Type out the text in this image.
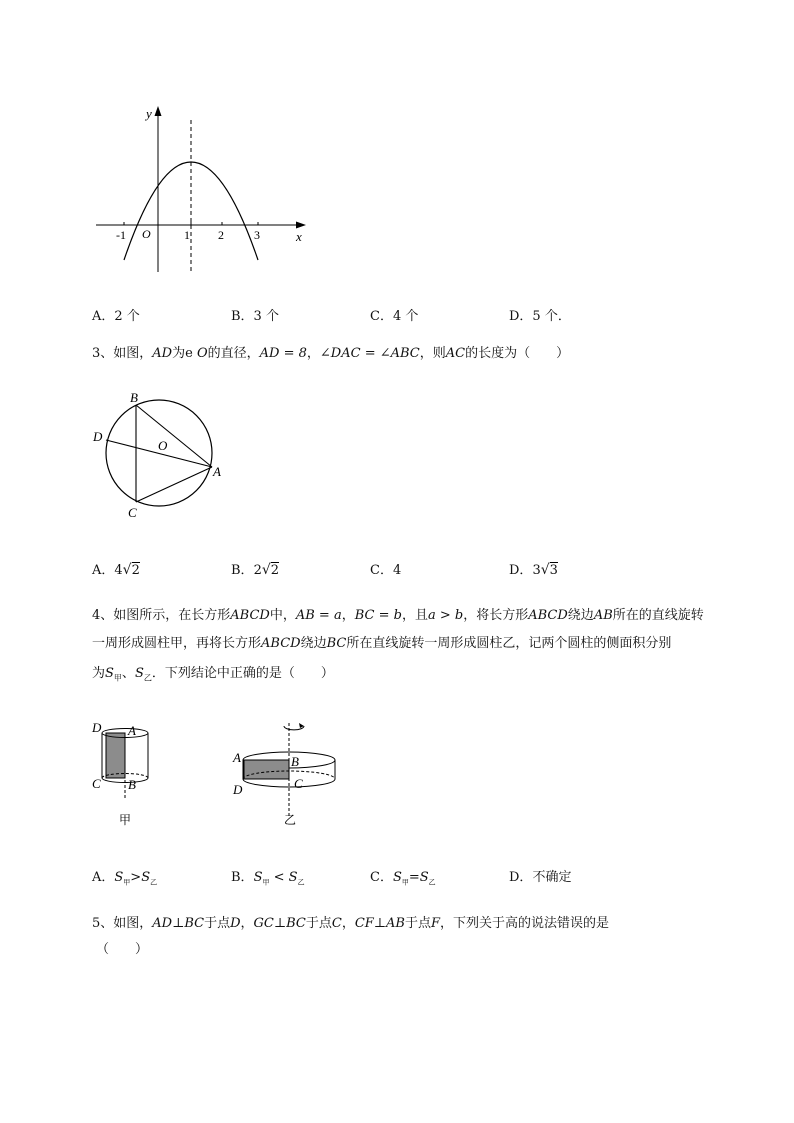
y
x
O
-1	1 2	3
A．2 个	B．3 个	C．4 个	D．5 个．
3、如图，AD为e O的直径，AD = 8，∠DAC = ∠ABC，则AC的长度为（　　）
B
D
O
A
C
A．4√2	B．2√2	C．4	D．3√3
4、如图所示，在长方形ABCD中，AB = a，BC = b，且a > b，将长方形ABCD绕边AB所在的直线旋转
一周形成圆柱甲，再将长方形ABCD绕边BC所在直线旋转一周形成圆柱乙，记两个圆柱的侧面积分别
为$S_甲$、$S_乙$．下列结论中正确的是（　　）
D A
C B
甲
A	B
D	C
乙
A．$S_甲>S_乙$	B．$S_甲 < S_乙$	C．$S_甲=S_乙$	D．不确定
5、如图，AD⊥BC于点D，GC⊥BC于点C，CF⊥AB于点F，下列关于高的说法错误的是
（　　）
